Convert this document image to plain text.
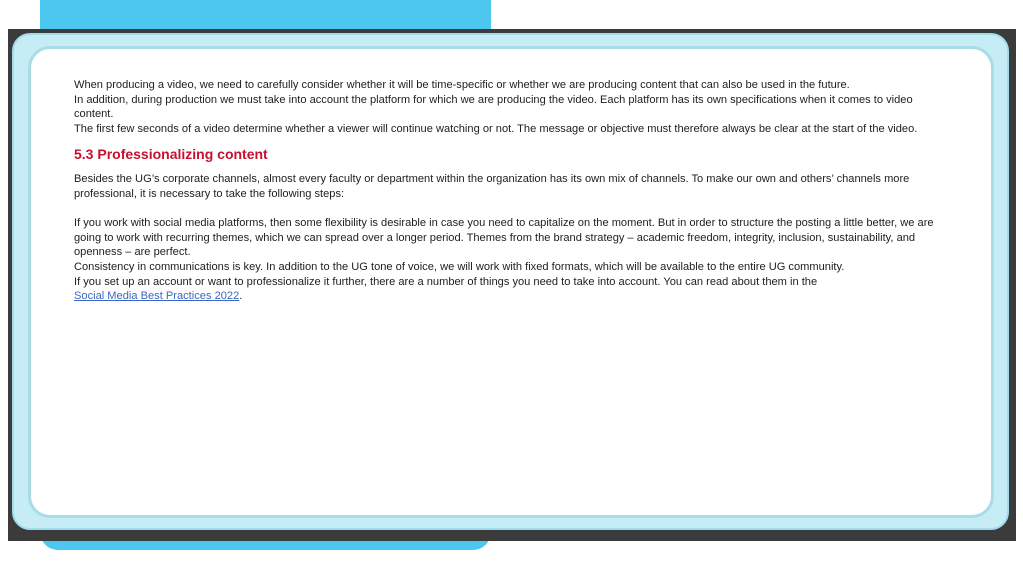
When producing a video, we need to carefully consider whether it will be time-specific or whether we are producing content that can also be used in the future.

In addition, during production we must take into account the platform for which we are producing the video. Each platform has its own specifications when it comes to video content.

The first few seconds of a video determine whether a viewer will continue watching or not. The message or objective must therefore always be clear at the start of the video.

5.3 Professionalizing content

Besides the UG’s corporate channels, almost every faculty or department within the organization has its own mix of channels. To make our own and others’ channels more professional, it is necessary to take the following steps:

If you work with social media platforms, then some flexibility is desirable in case you need to capitalize on the moment. But in order to structure the posting a little better, we are going to work with recurring themes, which we can spread over a longer period. Themes from the brand strategy – academic freedom, integrity, inclusion, sustainability, and openness – are perfect.

Consistency in communications is key. In addition to the UG tone of voice, we will work with fixed formats, which will be available to the entire UG community.

If you set up an account or want to professionalize it further, there are a number of things you need to take into account. You can read about them in the
Social Media Best Practices 2022.
